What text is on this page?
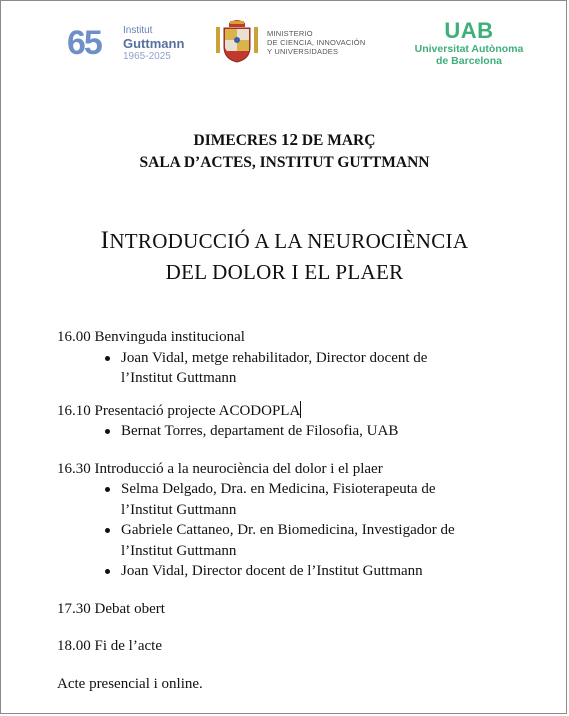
65 Institut
Guttmann
1965-2025
MINISTERIO
DE CIENCIA, INNOVACIÓN
Y UNIVERSIDADES
UAB
Universitat Autònoma
de Barcelona
DIMECRES 12 DE MARÇ
SALA D’ACTES, INSTITUT GUTTMANN
INTRODUCCIÓ A LA NEUROCIÈNCIA
DEL DOLOR I EL PLAER

16.00 Benvinguda institucional

Joan Vidal, metge rehabilitador, Director docent de
l’Institut Guttmann

16.10 Presentació projecte ACODOPLA

Bernat Torres, departament de Filosofia, UAB

16.30 Introducció a la neurociència del dolor i el plaer

Selma Delgado, Dra. en Medicina, Fisioterapeuta de
l’Institut Guttmann
Gabriele Cattaneo, Dr. en Biomedicina, Investigador de
l’Institut Guttmann
Joan Vidal, Director docent de l’Institut Guttmann

17.30 Debat obert

18.00 Fi de l’acte

Acte presencial i online.
